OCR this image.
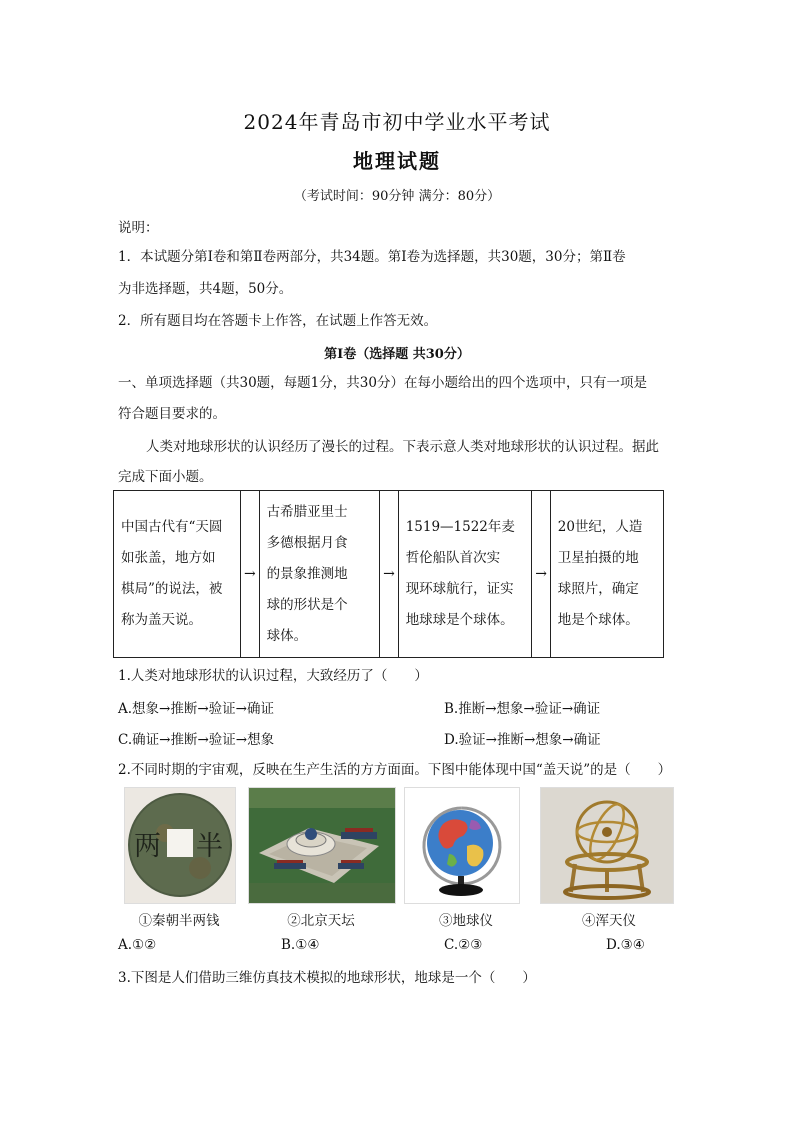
2024年青岛市初中学业水平考试
地理试题
（考试时间：90分钟 满分：80分）
说明：
1．本试题分第Ⅰ卷和第Ⅱ卷两部分，共34题。第Ⅰ卷为选择题，共30题，30分；第Ⅱ卷
为非选择题，共4题，50分。
2．所有题目均在答题卡上作答，在试题上作答无效。
第Ⅰ卷（选择题 共30分）
一、单项选择题（共30题，每题1分，共30分）在每小题给出的四个选项中，只有一项是
符合题目要求的。
人类对地球形状的认识经历了漫长的过程。下表示意人类对地球形状的认识过程。据此
完成下面小题。
中国古代有“天圆
如张盖，地方如
棋局”的说法，被
称为盖天说。
	→	
古希腊亚里士
多德根据月食
的景象推测地
球的形状是个
球体。
	→	
1519—1522年麦
哲伦船队首次实
现环球航行，证实
地球球是个球体。
	→	
20世纪，人造
卫星拍摄的地
球照片，确定
地是个球体。
1.人类对地球形状的认识过程，大致经历了（　　）
A.想象→推断→验证→确证	B.推断→想象→验证→确证
C.确证→推断→验证→想象	D.验证→推断→想象→确证
2.不同时期的宇宙观，反映在生产生活的方方面面。下图中能体现中国“盖天说”的是（　　）
两 半
①秦朝半两钱	②北京天坛	③地球仪	④浑天仪
A.①②	B.①④	C.②③	D.③④
3.下图是人们借助三维仿真技术模拟的地球形状，地球是一个（　　）
